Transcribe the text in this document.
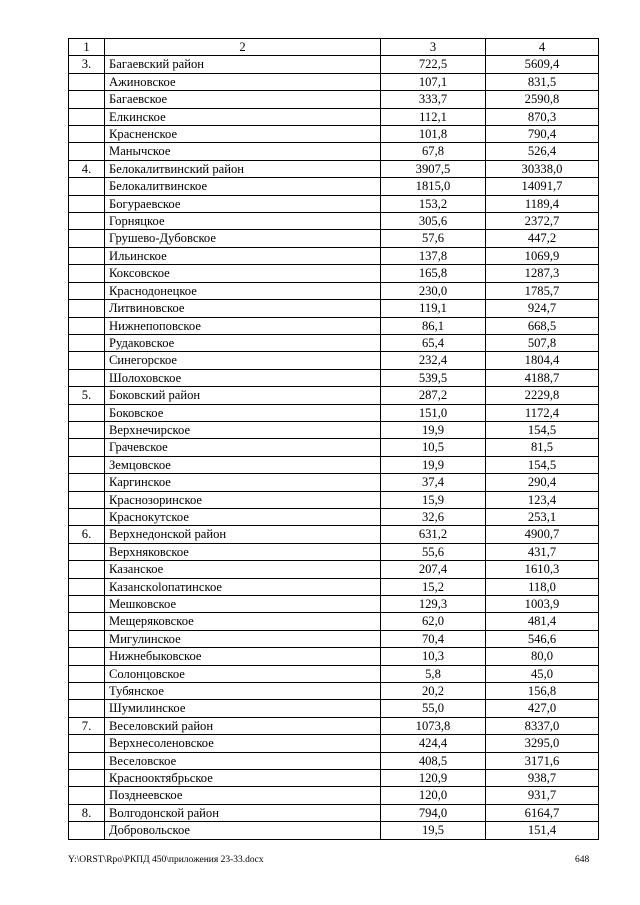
1	2	3	4
3.	Багаевский район	722,5	5609,4
	Ажиновское	107,1	831,5
	Багаевское	333,7	2590,8
	Елкинское	112,1	870,3
	Красненское	101,8	790,4
	Манычское	67,8	526,4
4.	Белокалитвинский район	3907,5	30338,0
	Белокалитвинское	1815,0	14091,7
	Богураевское	153,2	1189,4
	Горняцкое	305,6	2372,7
	Грушево-Дубовское	57,6	447,2
	Ильинское	137,8	1069,9
	Коксовское	165,8	1287,3
	Краснодонецкое	230,0	1785,7
	Литвиновское	119,1	924,7
	Нижнепоповское	86,1	668,5
	Рудаковское	65,4	507,8
	Синегорское	232,4	1804,4
	Шолоховское	539,5	4188,7
5.	Боковский район	287,2	2229,8
	Боковское	151,0	1172,4
	Верхнечирское	19,9	154,5
	Грачевское	10,5	81,5
	Земцовское	19,9	154,5
	Каргинское	37,4	290,4
	Краснозоринское	15,9	123,4
	Краснокутское	32,6	253,1
6.	Верхнедонской район	631,2	4900,7
	Верхняковское	55,6	431,7
	Казанское	207,4	1610,3
	Казанскolопатинское	15,2	118,0
	Мешковское	129,3	1003,9
	Мещеряковское	62,0	481,4
	Мигулинское	70,4	546,6
	Нижнебыковское	10,3	80,0
	Солонцовское	5,8	45,0
	Тубянское	20,2	156,8
	Шумилинское	55,0	427,0
7.	Веселовский район	1073,8	8337,0
	Верхнесоленовское	424,4	3295,0
	Веселовское	408,5	3171,6
	Краснооктябрьское	120,9	938,7
	Позднеевское	120,0	931,7
8.	Волгодонской район	794,0	6164,7
	Добровольское	19,5	151,4
Y:\ORST\Rpo\РКПД 450\приложения 23-33.docx	648
